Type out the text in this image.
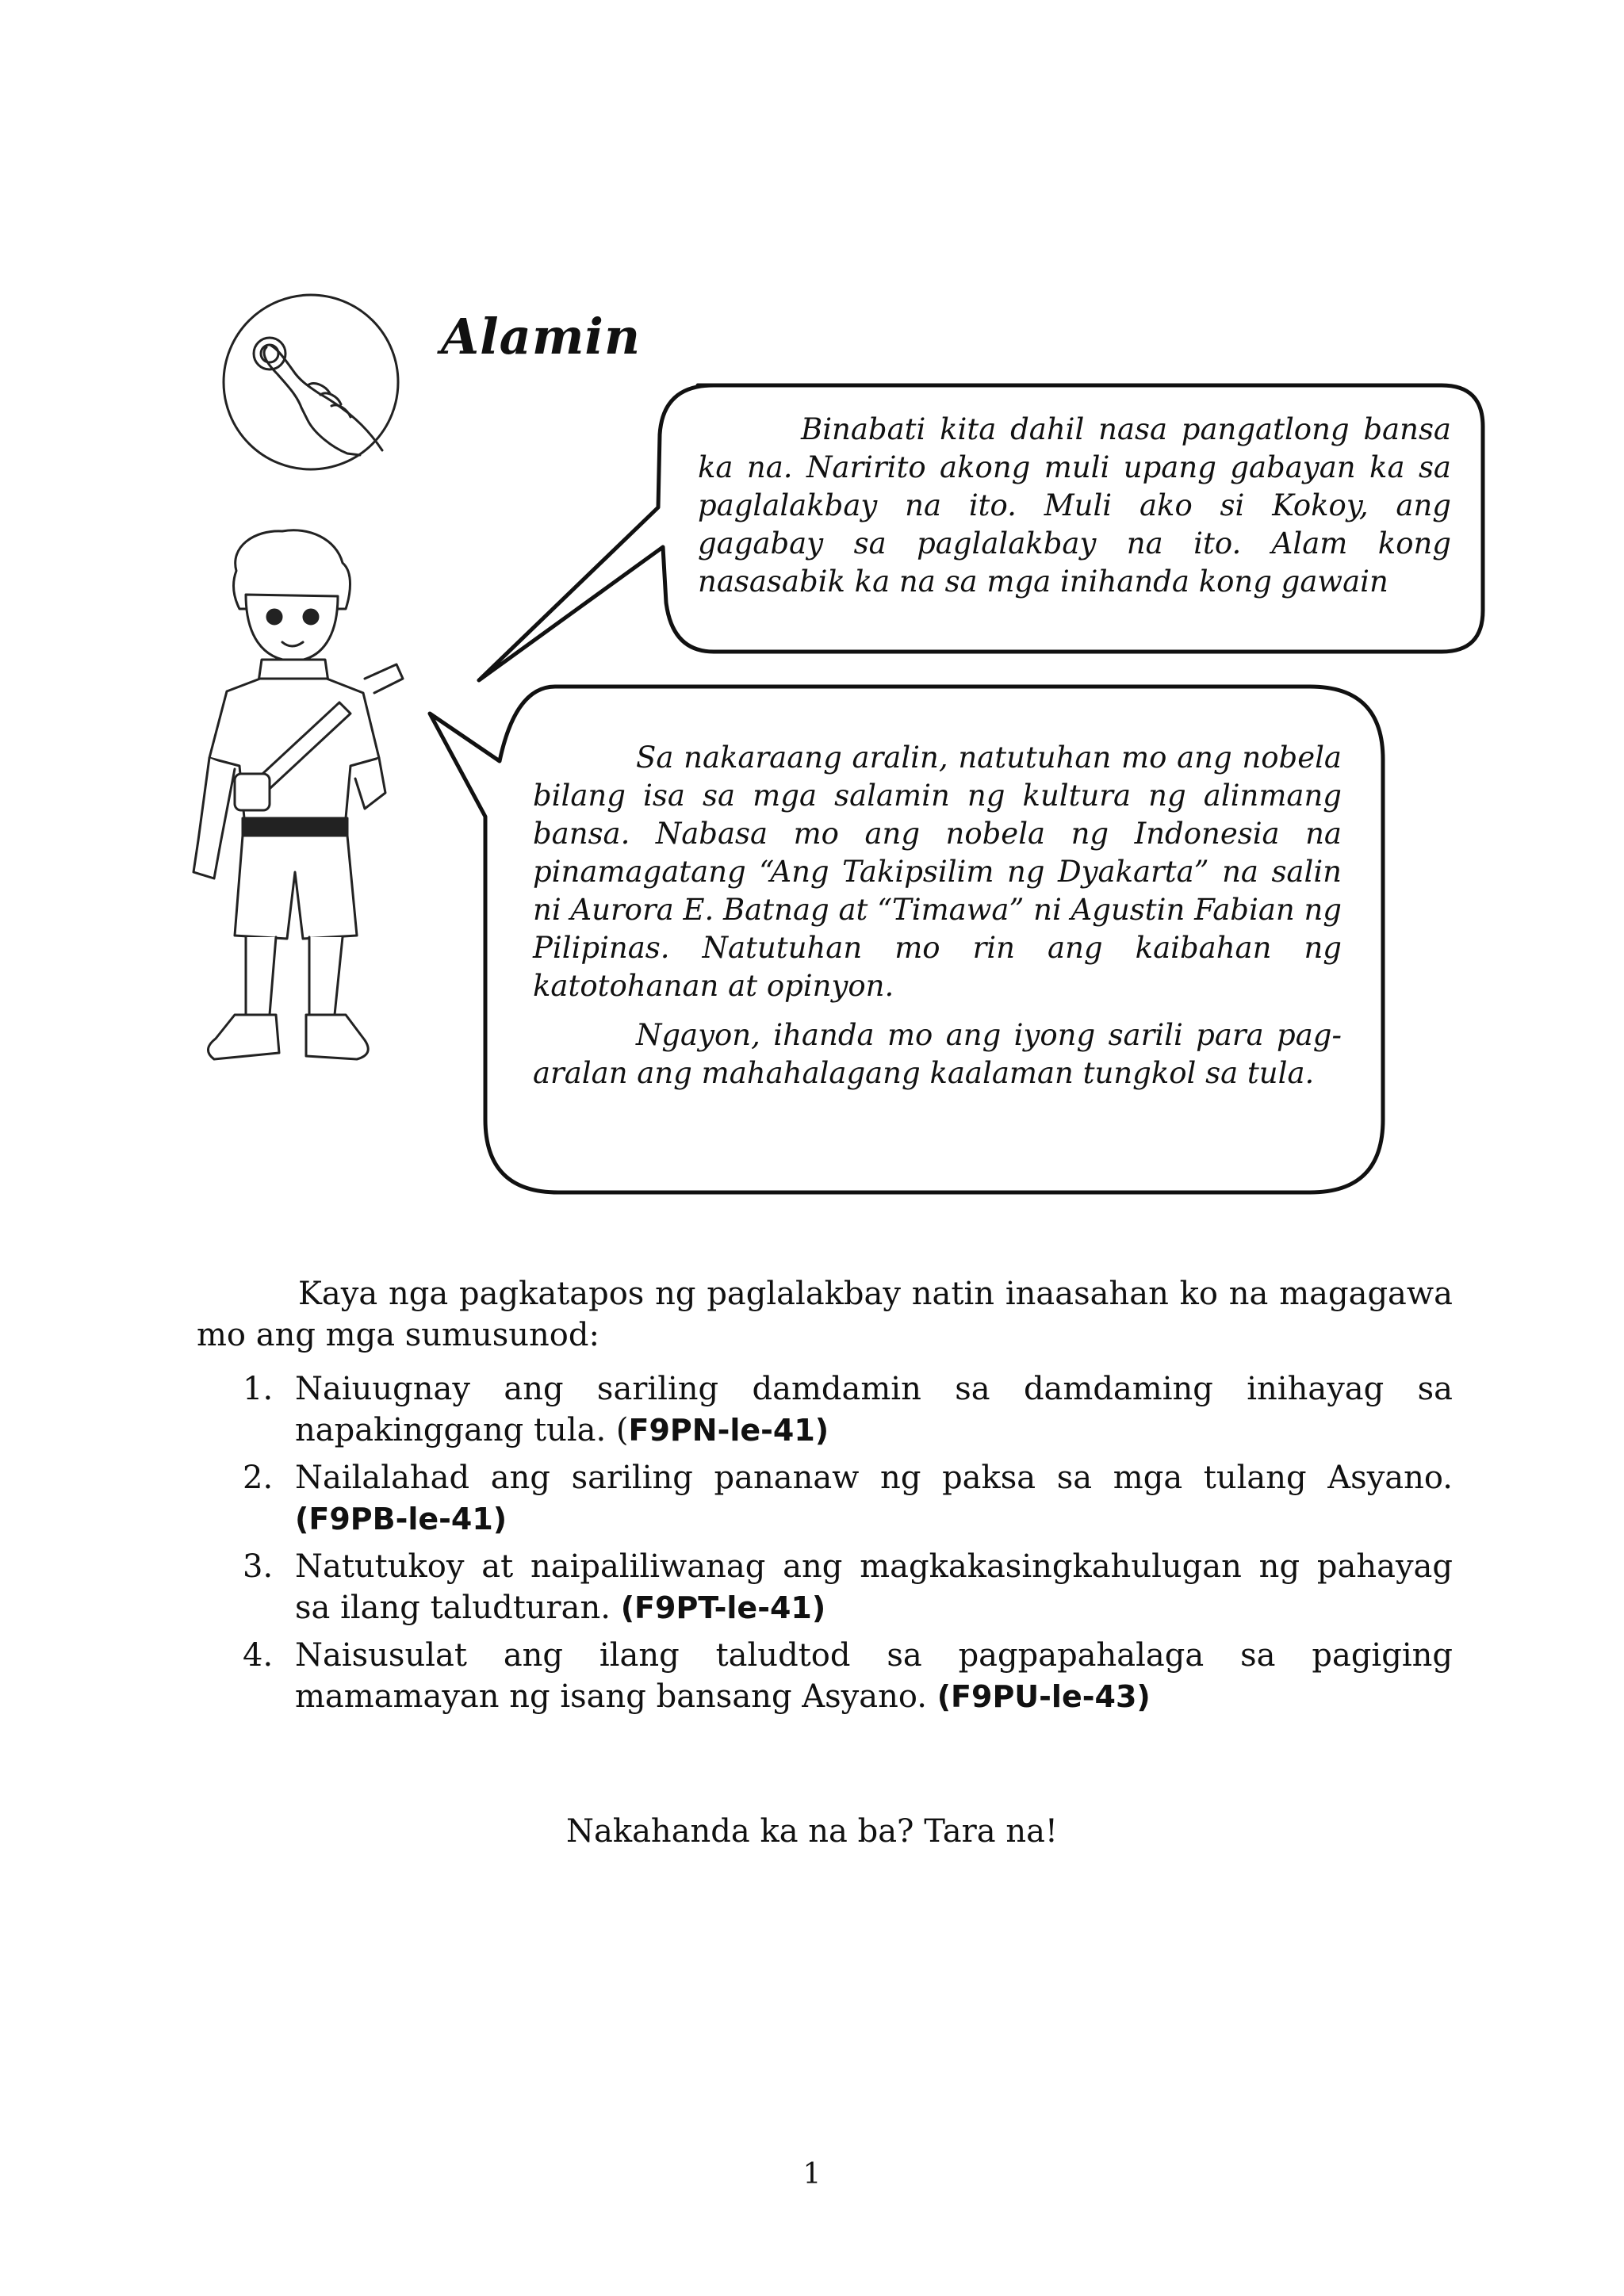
Alamin

Binabati kita dahil nasa pangatlong bansa ka na. Naririto akong muli upang gabayan ka sa paglalakbay na ito. Muli ako si Kokoy, ang gagabay sa paglalakbay na ito. Alam kong nasasabik ka na sa mga inihanda kong gawain

Sa nakaraang aralin, natutuhan mo ang nobela bilang isa sa mga salamin ng kultura ng alinmang bansa. Nabasa mo ang nobela ng Indonesia na pinamagatang “Ang Takipsilim ng Dyakarta” na salin ni Aurora E. Batnag at “Timawa” ni Agustin Fabian ng Pilipinas. Natutuhan mo rin ang kaibahan ng katotohanan at opinyon.

Ngayon, ihanda mo ang iyong sarili para pag-aralan ang mahahalagang kaalaman tungkol sa tula.

Kaya nga pagkatapos ng paglalakbay natin inaasahan ko na magagawa mo ang mga sumusunod:

1. Naiuugnay ang sariling damdamin sa damdaming inihayag sa napakinggang tula. (F9PN-le-41)
2. Nailalahad ang sariling pananaw ng paksa sa mga tulang Asyano. (F9PB-le-41)
3. Natutukoy at naipaliliwanag ang magkakasingkahulugan ng pahayag sa ilang taludturan. (F9PT-le-41)
4. Naisusulat ang ilang taludtod sa pagpapahalaga sa pagiging mamamayan ng isang bansang Asyano. (F9PU-le-43)

Nakahanda ka na ba? Tara na!

1
